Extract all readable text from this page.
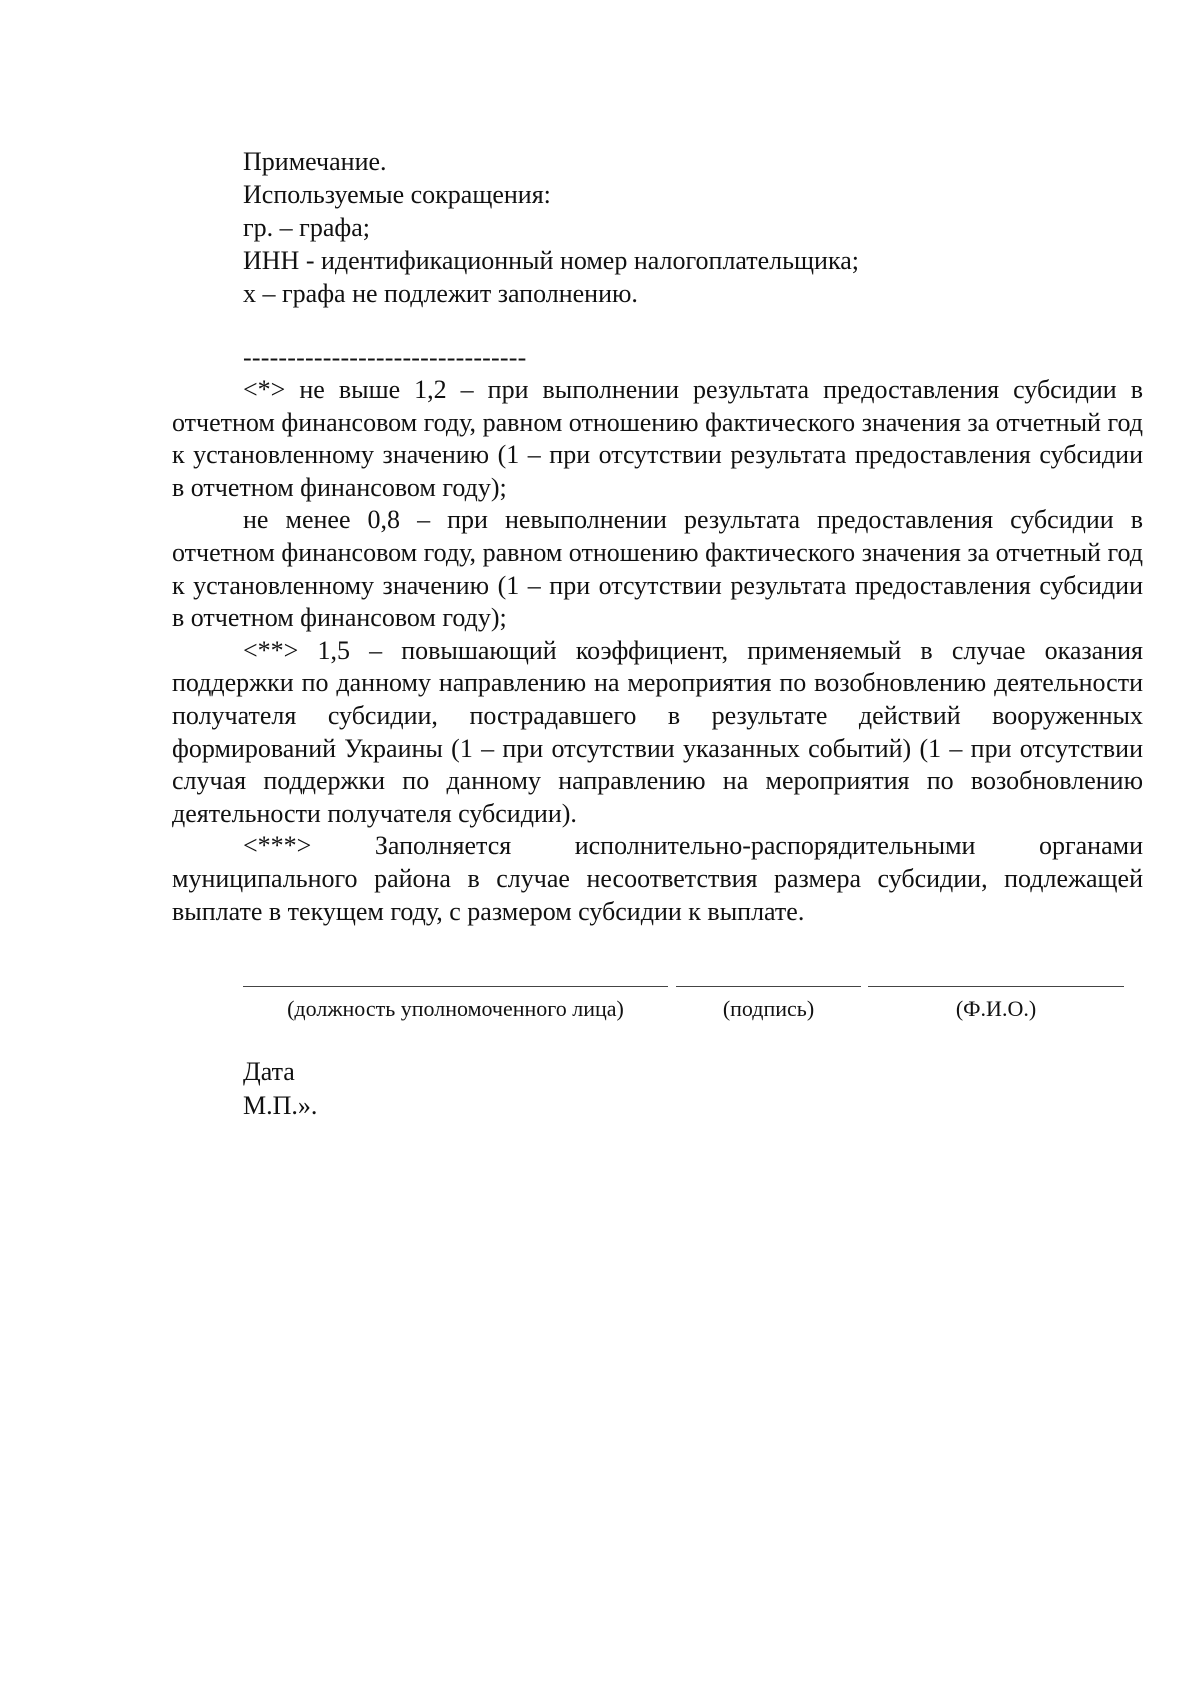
Примечание.
Используемые сокращения:
гр. – графа;
ИНН - идентификационный номер налогоплательщика;
х – графа не подлежит заполнению.
--------------------------------

<*> не выше 1,2 – при выполнении результата предоставления субсидии в отчетном финансовом году, равном отношению фактического значения за отчетный год к установленному значению (1 – при отсутствии результата предоставления субсидии в отчетном финансовом году);

не менее 0,8 – при невыполнении результата предоставления субсидии в отчетном финансовом году, равном отношению фактического значения за отчетный год к установленному значению (1 – при отсутствии результата предоставления субсидии в отчетном финансовом году);

<**> 1,5 – повышающий коэффициент, применяемый в случае оказания поддержки по данному направлению на мероприятия по возобновлению деятельности получателя субсидии, пострадавшего в результате действий вооруженных формирований Украины (1 – при отсутствии указанных событий) (1 – при отсутствии случая поддержки по данному направлению на мероприятия по возобновлению деятельности получателя субсидии).

<***> Заполняется исполнительно-распорядительными органами муниципального района в случае несоответствия размера субсидии, подлежащей выплате в текущем году, с размером субсидии к выплате.

(должность уполномоченного лица)	(подпись)	(Ф.И.О.)
Дата
М.П.».
